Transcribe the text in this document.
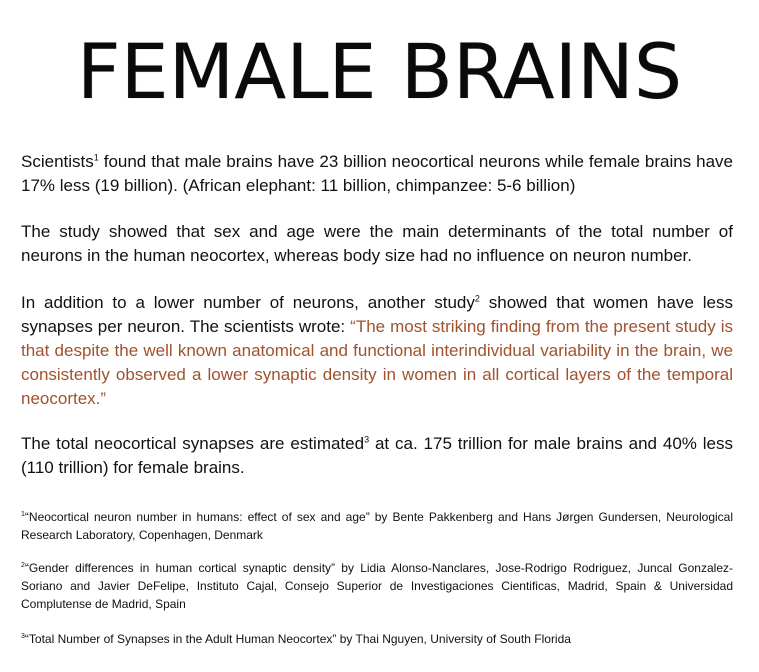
FEMALE BRAINS

Scientists$^1$ found that male brains have 23 billion neocortical neurons while female brains have 17% less (19 billion). (African elephant: 11 billion, chimpanzee: 5-6 billion)

The study showed that sex and age were the main determinants of the total number of neurons in the human neocortex, whereas body size had no influence on neuron number.

In addition to a lower number of neurons, another study$^2$ showed that women have less synapses per neuron. The scientists wrote: “The most striking finding from the present study is that despite the well known anatomical and functional interindividual variability in the brain, we consistently observed a lower synaptic density in women in all cortical layers of the temporal neocortex.”

The total neocortical synapses are estimated$^3$ at ca. 175 trillion for male brains and 40% less (110 trillion) for female brains.

$^1$“Neocortical neuron number in humans: effect of sex and age” by Bente Pakkenberg and Hans Jørgen Gundersen, Neurological Research Laboratory, Copenhagen, Denmark

$^2$“Gender differences in human cortical synaptic density” by Lidia Alonso-Nanclares, Jose-Rodrigo Rodriguez, Juncal Gonzalez-Soriano and Javier DeFelipe, Instituto Cajal, Consejo Superior de Investigaciones Cientificas, Madrid, Spain & Universidad Complutense de Madrid, Spain

$^3$“Total Number of Synapses in the Adult Human Neocortex” by Thai Nguyen, University of South Florida
